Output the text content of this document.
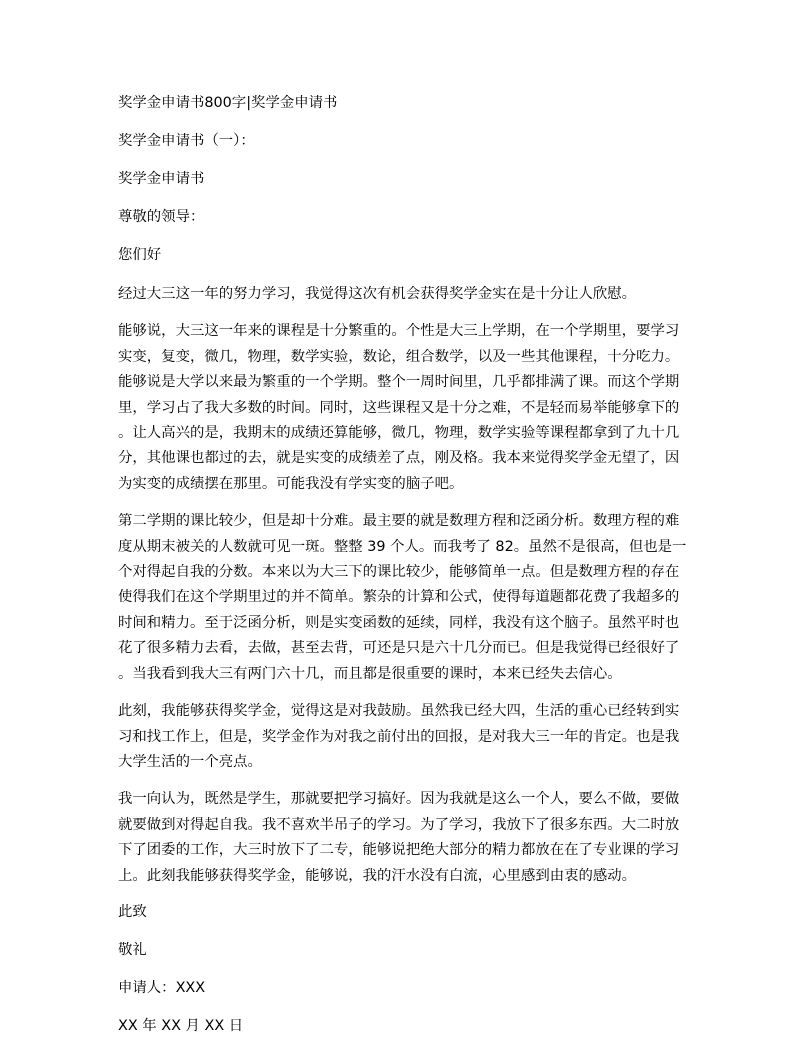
奖学金申请书800字|奖学金申请书
奖学金申请书（一）：
奖学金申请书
尊敬的领导：
您们好
经过大三这一年的努力学习，我觉得这次有机会获得奖学金实在是十分让人欣慰。
能够说，大三这一年来的课程是十分繁重的。个性是大三上学期，在一个学期里，要学习
实变，复变，微几，物理，数学实验，数论，组合数学，以及一些其他课程，十分吃力。
能够说是大学以来最为繁重的一个学期。整个一周时间里，几乎都排满了课。而这个学期
里，学习占了我大多数的时间。同时，这些课程又是十分之难，不是轻而易举能够拿下的
。让人高兴的是，我期末的成绩还算能够，微几，物理，数学实验等课程都拿到了九十几
分，其他课也都过的去，就是实变的成绩差了点，刚及格。我本来觉得奖学金无望了，因
为实变的成绩摆在那里。可能我没有学实变的脑子吧。
第二学期的课比较少，但是却十分难。最主要的就是数理方程和泛函分析。数理方程的难
度从期末被关的人数就可见一斑。整整 39 个人。而我考了 82。虽然不是很高，但也是一
个对得起自我的分数。本来以为大三下的课比较少，能够简单一点。但是数理方程的存在
使得我们在这个学期里过的并不简单。繁杂的计算和公式，使得每道题都花费了我超多的
时间和精力。至于泛函分析，则是实变函数的延续，同样，我没有这个脑子。虽然平时也
花了很多精力去看，去做，甚至去背，可还是只是六十几分而已。但是我觉得已经很好了
。当我看到我大三有两门六十几，而且都是很重要的课时，本来已经失去信心。
此刻，我能够获得奖学金，觉得这是对我鼓励。虽然我已经大四，生活的重心已经转到实
习和找工作上，但是，奖学金作为对我之前付出的回报，是对我大三一年的肯定。也是我
大学生活的一个亮点。
我一向认为，既然是学生，那就要把学习搞好。因为我就是这么一个人，要么不做，要做
就要做到对得起自我。我不喜欢半吊子的学习。为了学习，我放下了很多东西。大二时放
下了团委的工作，大三时放下了二专，能够说把绝大部分的精力都放在在了专业课的学习
上。此刻我能够获得奖学金，能够说，我的汗水没有白流，心里感到由衷的感动。
此致
敬礼
申请人：XXX
XX 年 XX 月 XX 日
